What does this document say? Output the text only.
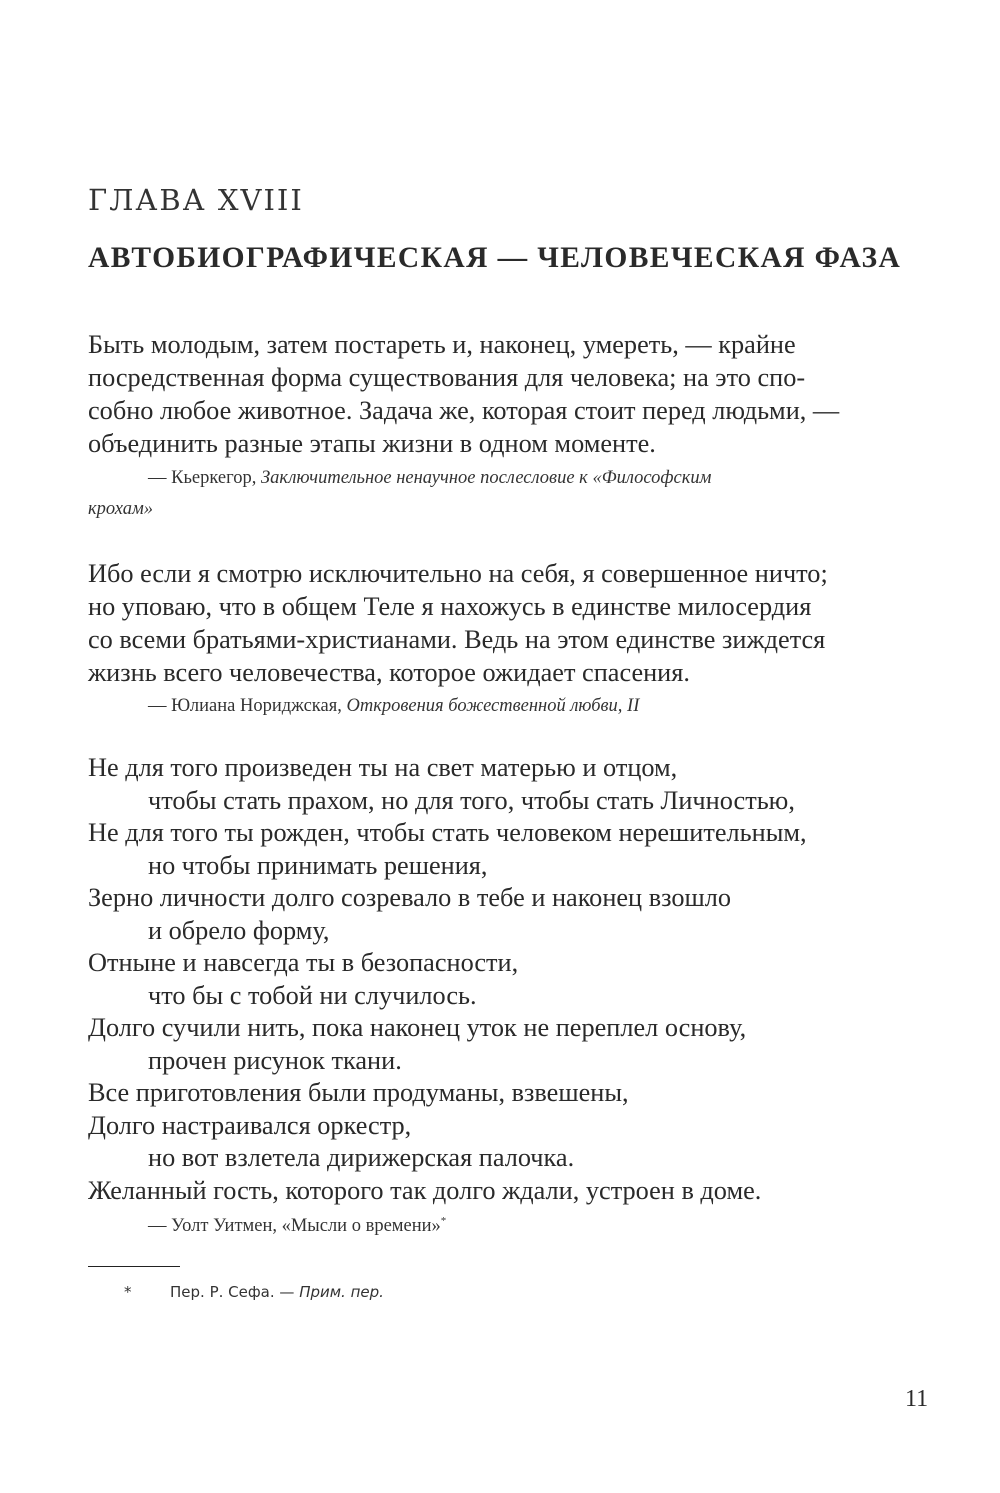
ГЛАВА XVIII
АВТОБИОГРАФИЧЕСКАЯ — ЧЕЛОВЕЧЕСКАЯ ФАЗА
Быть молодым, затем постареть и, наконец, умереть, — крайне
посредственная форма существования для человека; на это спо-
собно любое животное. Задача же, которая стоит перед людьми, —
объединить разные этапы жизни в одном моменте.
— Кьеркегор, Заключительное ненаучное послесловие к «Философским
крохам»
Ибо если я смотрю исключительно на себя, я совершенное ничто;
но уповаю, что в общем Теле я нахожусь в единстве милосердия
со всеми братьями-христианами. Ведь на этом единстве зиждется
жизнь всего человечества, которое ожидает спасения.
— Юлиана Нориджская, Откровения божественной любви, II
Не для того произведен ты на свет матерью и отцом,
чтобы стать прахом, но для того, чтобы стать Личностью,
Не для того ты рожден, чтобы стать человеком нерешительным,
но чтобы принимать решения,
Зерно личности долго созревало в тебе и наконец взошло
и обрело форму,
Отныне и навсегда ты в безопасности,
что бы с тобой ни случилось.
Долго сучили нить, пока наконец уток не переплел основу,
прочен рисунок ткани.
Все приготовления были продуманы, взвешены,
Долго настраивался оркестр,
но вот взлетела дирижерская палочка.
Желанный гость, которого так долго ждали, устроен в доме.
— Уолт Уитмен, «Мысли о времени»*
*	Пер. Р. Сефа. — Прим. пер.
11
